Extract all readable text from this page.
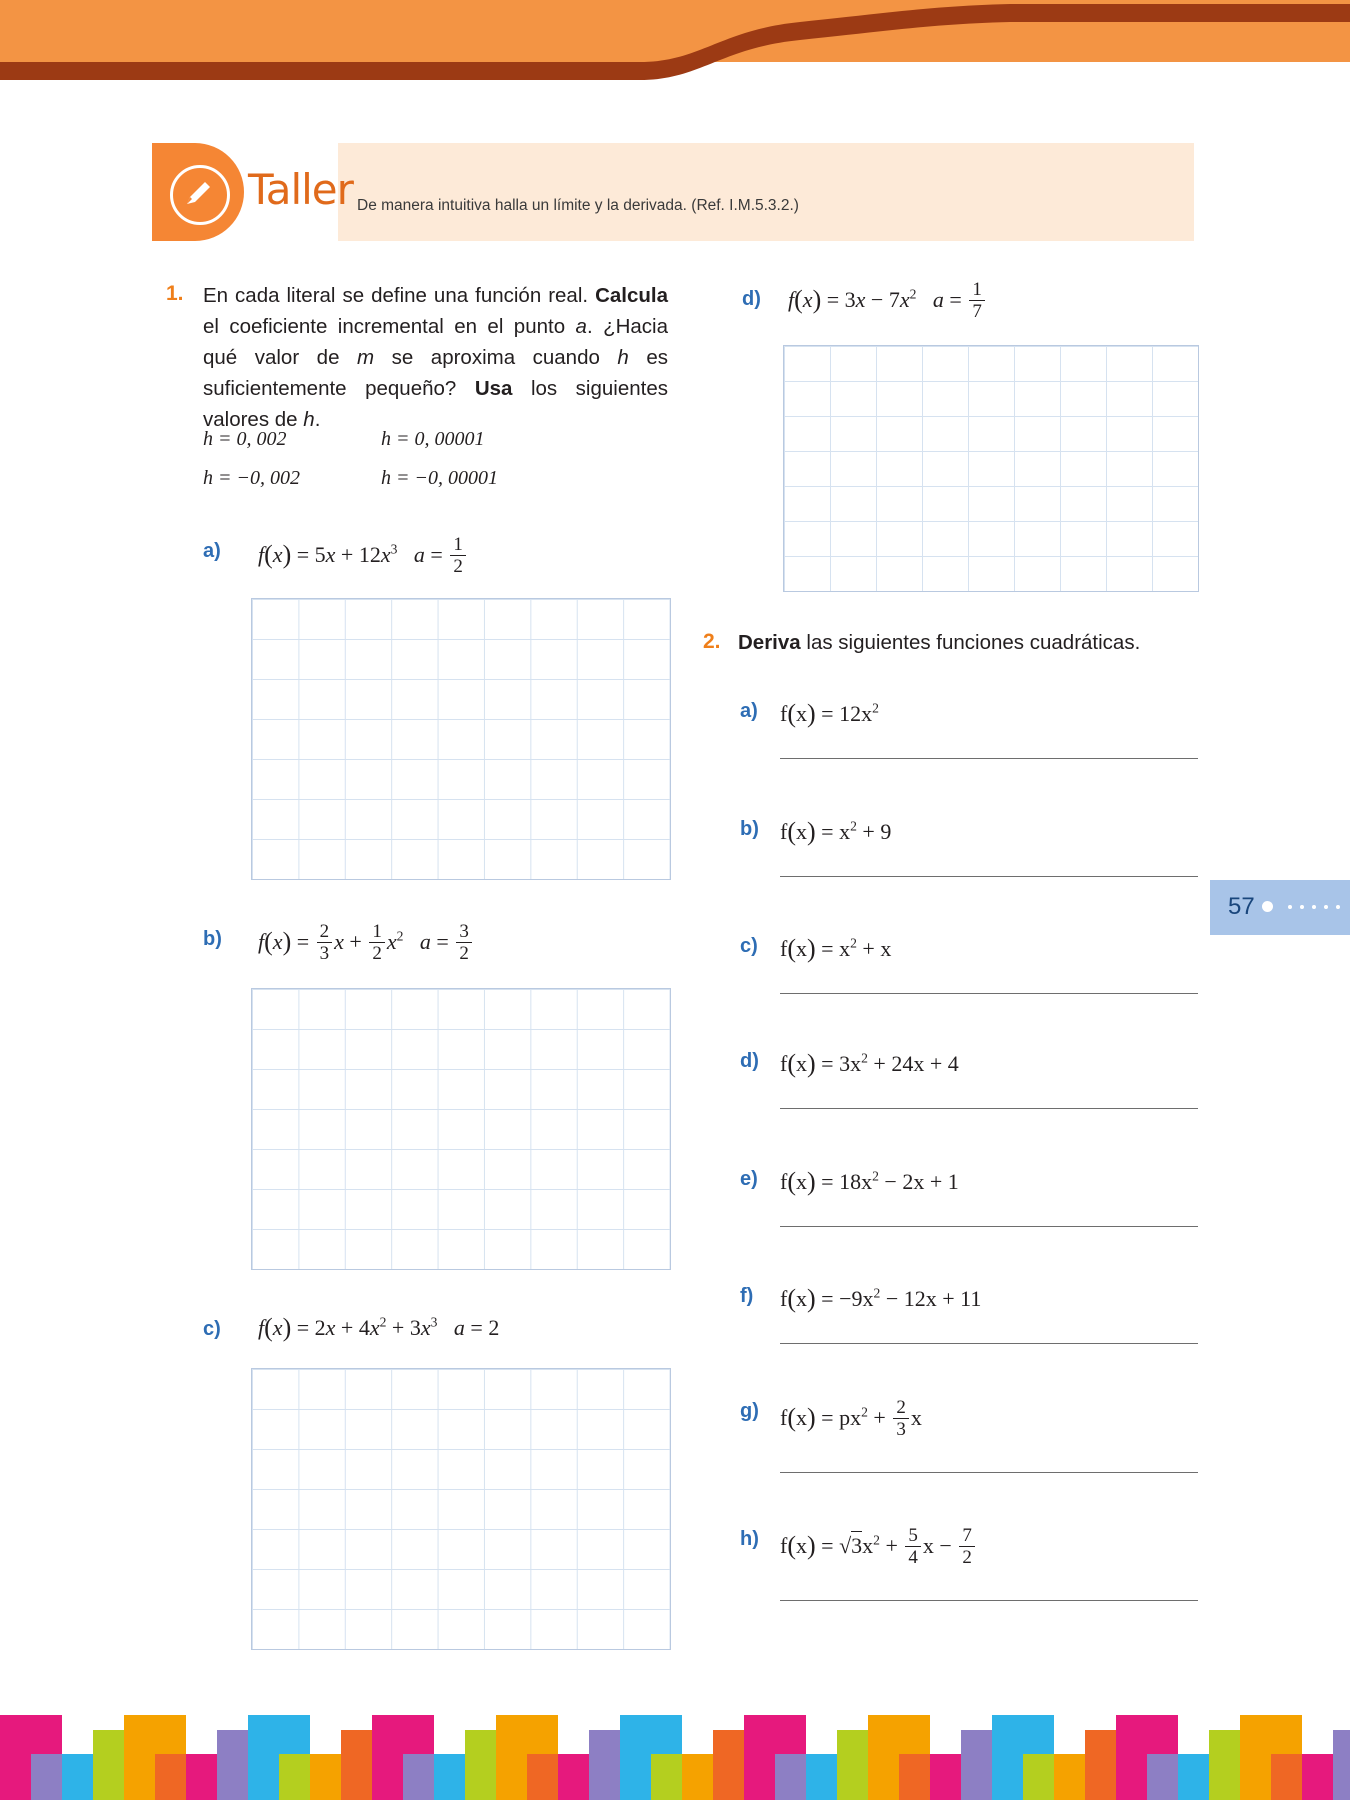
Taller De manera intuitiva halla un límite y la derivada. (Ref. I.M.5.3.2.)
1. En cada literal se define una función real. Calcula el coeficiente incremental en el punto a. ¿Hacia qué valor de m se aproxima cuando h es suficientemente pequeño? Usa los siguientes valores de h.
h = 0, 002	h = 0, 00001
h = −0, 002	h = −0, 00001
a) $f(x) = 5x + 12x^3$ $a = \frac{1}{2}$
b) $f(x) = \frac{2}{3}$ $x + \frac{1}{2} x^2$ $a = \frac{3}{2}$
c) $f(x) = 2x + 4x^2 + 3x^3$ a = 2
d) $f(x) = 3x - 7x^2$ $a = \frac{1}{7}$
2. Deriva las siguientes funciones cuadráticas.
a) $f(x) = 12x^2$
b) $f(x) = x^2 + 9$
c) $f(x) = x^2 + x$
d) $f(x) = 3x^2 + 24x + 4$
e) $f(x) = 18x^2 - 2x + 1$
f) $f(x) = -9x^2 - 12x + 11$
g) $f(x) = px^2 + \frac{2}{3}$ x
h) $f(x) = √3x^2 + \frac{5}{4}$ $x - \frac{7}{2}$
57
